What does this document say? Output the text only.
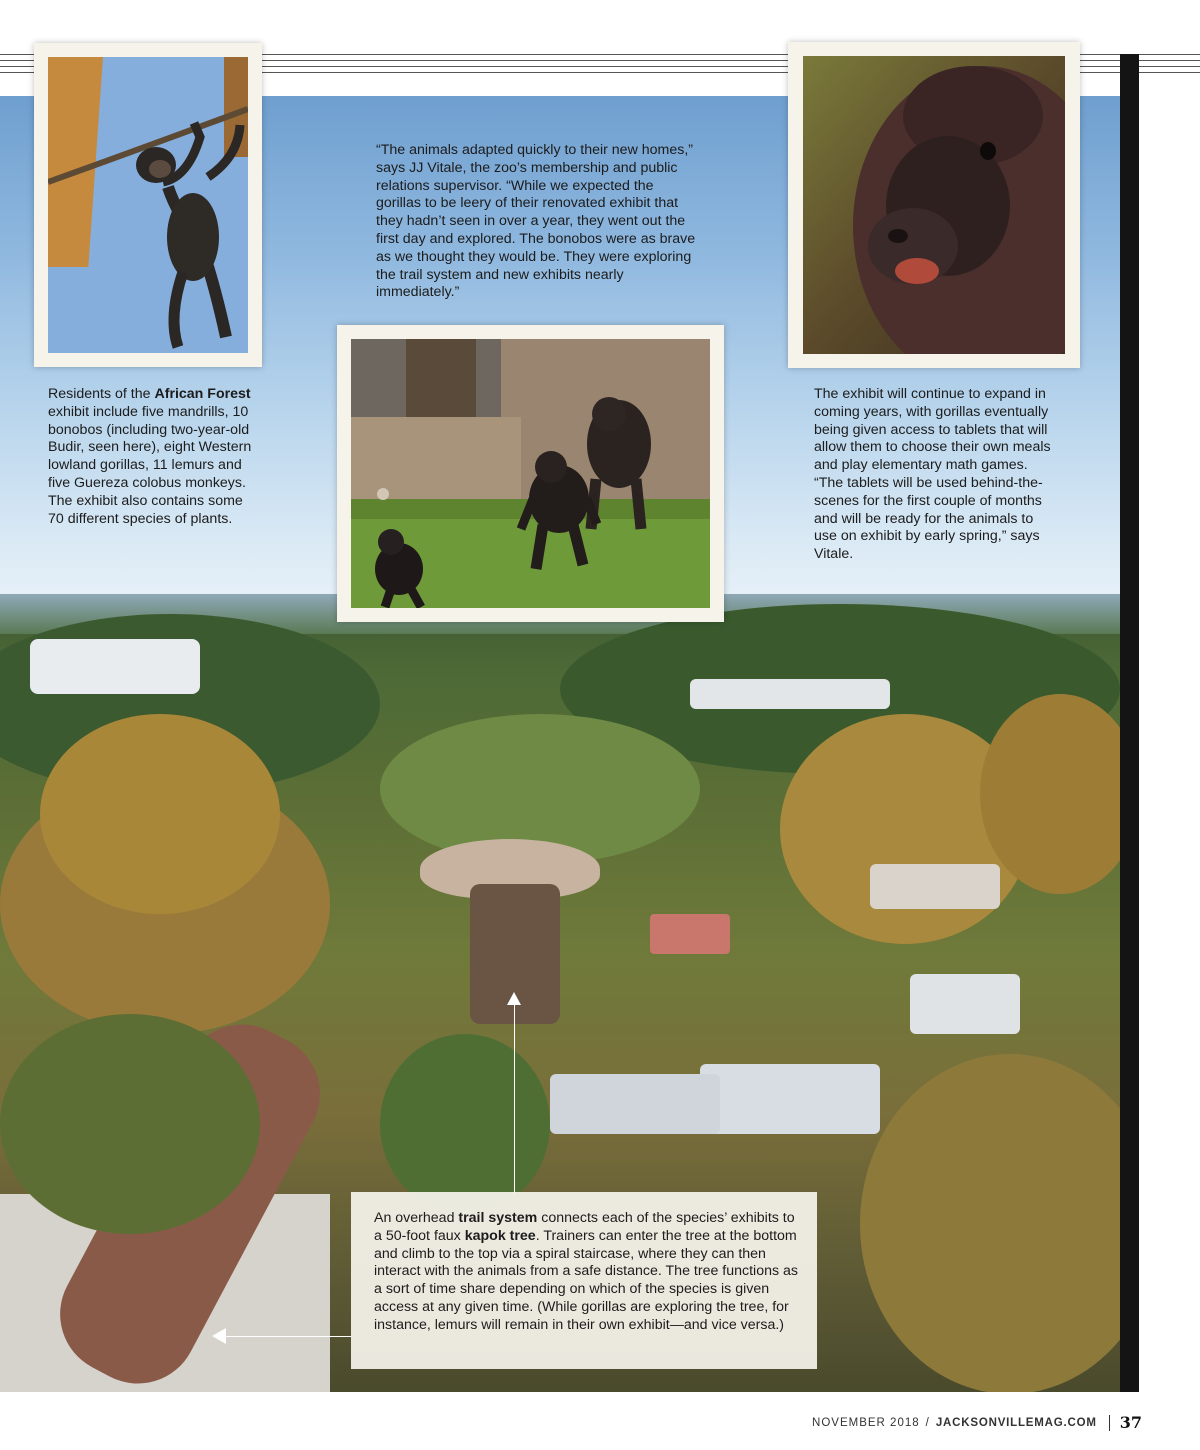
“The animals adapted quickly to their new homes,” says JJ Vitale, the zoo’s membership and public relations supervisor. “While we expected the gorillas to be leery of their renovated exhibit that they hadn’t seen in over a year, they went out the first day and explored. The bonobos were as brave as we thought they would be. They were exploring the trail system and new exhibits nearly immediately.”
Residents of the African Forest exhibit include five mandrills, 10 bonobos (including two-year-old Budir, seen here), eight Western lowland gorillas, 11 lemurs and five Guereza colobus monkeys. The exhibit also contains some 70 different species of plants.
The exhibit will continue to expand in coming years, with gorillas eventually being given access to tablets that will allow them to choose their own meals and play elementary math games. “The tablets will be used behind-the-scenes for the first couple of months and will be ready for the animals to use on exhibit by early spring,” says Vitale.
An overhead trail system connects each of the species’ exhibits to a 50-foot faux kapok tree. Trainers can enter the tree at the bottom and climb to the top via a spiral staircase, where they can then interact with the animals from a safe distance. The tree functions as a sort of time share depending on which of the species is given access at any given time. (While gorillas are exploring the tree, for instance, lemurs will remain in their own exhibit—and vice versa.)
NOVEMBER 2018 / JACKSONVILLEMAG.COM 37
